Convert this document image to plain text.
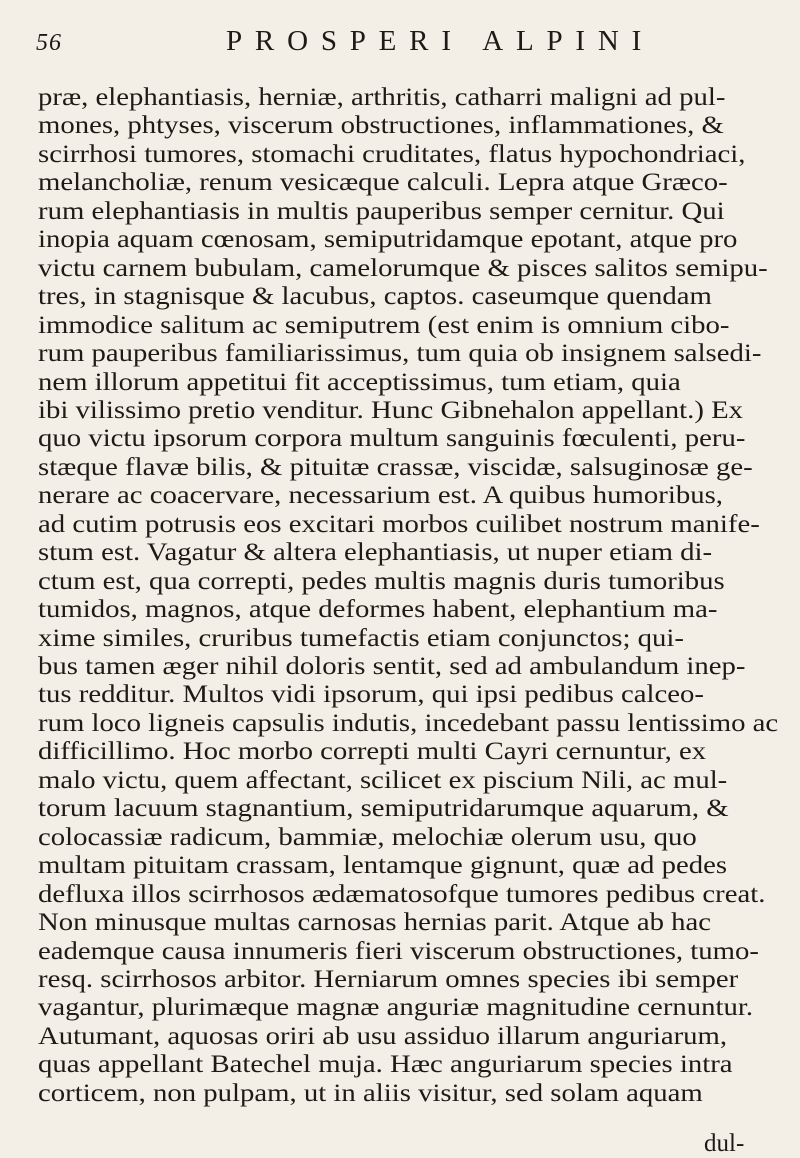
56	PROSPERI ALPINI
præ, elephantiasis, herniæ, arthritis, catharri maligni ad pul-
mones, phtyses, viscerum obstructiones, inflammationes, &
scirrhosi tumores, stomachi cruditates, flatus hypochondriaci,
melancholiæ, renum vesicæque calculi. Lepra atque Græco-
rum elephantiasis in multis pauperibus semper cernitur. Qui
inopia aquam cœnosam, semiputridamque epotant, atque pro
victu carnem bubulam, camelorumque & pisces salitos semipu-
tres, in stagnisque & lacubus, captos. caseumque quendam
immodice salitum ac semiputrem (est enim is omnium cibo-
rum pauperibus familiarissimus, tum quia ob insignem salsedi-
nem illorum appetitui fit acceptissimus, tum etiam, quia
ibi vilissimo pretio venditur. Hunc Gibnehalon appellant.) Ex
quo victu ipsorum corpora multum sanguinis fœculenti, peru-
stæque flavæ bilis, & pituitæ crassæ, viscidæ, salsuginosæ ge-
nerare ac coacervare, necessarium est. A quibus humoribus,
ad cutim potrusis eos excitari morbos cuilibet nostrum manife-
stum est. Vagatur & altera elephantiasis, ut nuper etiam di-
ctum est, qua correpti, pedes multis magnis duris tumoribus
tumidos, magnos, atque deformes habent, elephantium ma-
xime similes, cruribus tumefactis etiam conjunctos; qui-
bus tamen æger nihil doloris sentit, sed ad ambulandum inep-
tus redditur. Multos vidi ipsorum, qui ipsi pedibus calceo-
rum loco ligneis capsulis indutis, incedebant passu lentissimo ac
difficillimo. Hoc morbo correpti multi Cayri cernuntur, ex
malo victu, quem affectant, scilicet ex piscium Nili, ac mul-
torum lacuum stagnantium, semiputridarumque aquarum, &
colocassiæ radicum, bammiæ, melochiæ olerum usu, quo
multam pituitam crassam, lentamque gignunt, quæ ad pedes
defluxa illos scirrhosos ædæmatosofque tumores pedibus creat.
Non minusque multas carnosas hernias parit. Atque ab hac
eademque causa innumeris fieri viscerum obstructiones, tumo-
resq. scirrhosos arbitor. Herniarum omnes species ibi semper
vagantur, plurimæque magnæ anguriæ magnitudine cernuntur.
Autumant, aquosas oriri ab usu assiduo illarum anguriarum,
quas appellant Batechel muja. Hæc anguriarum species intra
corticem, non pulpam, ut in aliis visitur, sed solam aquam
dul-
